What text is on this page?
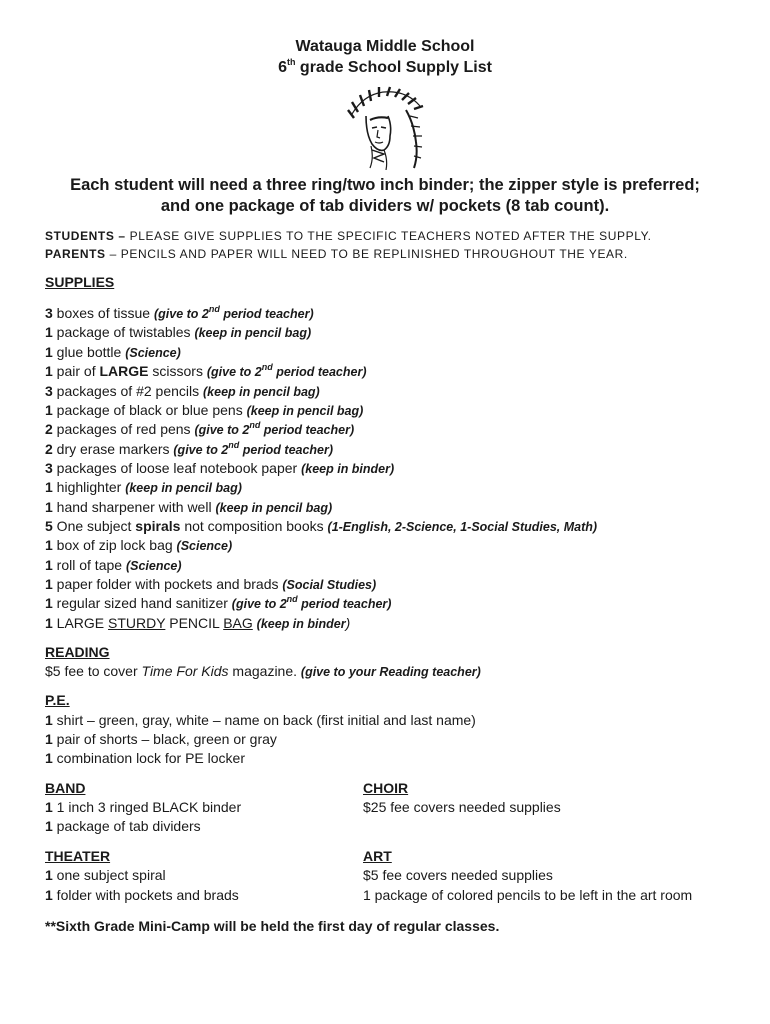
Watauga Middle School
6th grade School Supply List
Each student will need a three ring/two inch binder; the zipper style is preferred;
and one package of tab dividers w/ pockets (8 tab count).
STUDENTS – PLEASE GIVE SUPPLIES TO THE SPECIFIC TEACHERS NOTED AFTER THE SUPPLY.
PARENTS – PENCILS AND PAPER WILL NEED TO BE REPLINISHED THROUGHOUT THE YEAR.
SUPPLIES
3 boxes of tissue (give to 2nd period teacher)
1 package of twistables (keep in pencil bag)
1 glue bottle (Science)
1 pair of LARGE scissors (give to 2nd period teacher)
3 packages of #2 pencils (keep in pencil bag)
1 package of black or blue pens (keep in pencil bag)
2 packages of red pens (give to 2nd period teacher)
2 dry erase markers (give to 2nd period teacher)
3 packages of loose leaf notebook paper (keep in binder)
1 highlighter (keep in pencil bag)
1 hand sharpener with well (keep in pencil bag)
5 One subject spirals not composition books (1-English, 2-Science, 1-Social Studies, Math)
1 box of zip lock bag (Science)
1 roll of tape (Science)
1 paper folder with pockets and brads (Social Studies)
1 regular sized hand sanitizer (give to 2nd period teacher)
1 LARGE STURDY PENCIL BAG (keep in binder)
READING
$5 fee to cover Time For Kids magazine. (give to your Reading teacher)
P.E.
1 shirt – green, gray, white – name on back (first initial and last name)
1 pair of shorts – black, green or gray
1 combination lock for PE locker
BAND
1 1 inch 3 ringed BLACK binder
1 package of tab dividers
CHOIR
$25 fee covers needed supplies
THEATER
1 one subject spiral
1 folder with pockets and brads
ART
$5 fee covers needed supplies
1 package of colored pencils to be left in the art room
**Sixth Grade Mini-Camp will be held the first day of regular classes.
